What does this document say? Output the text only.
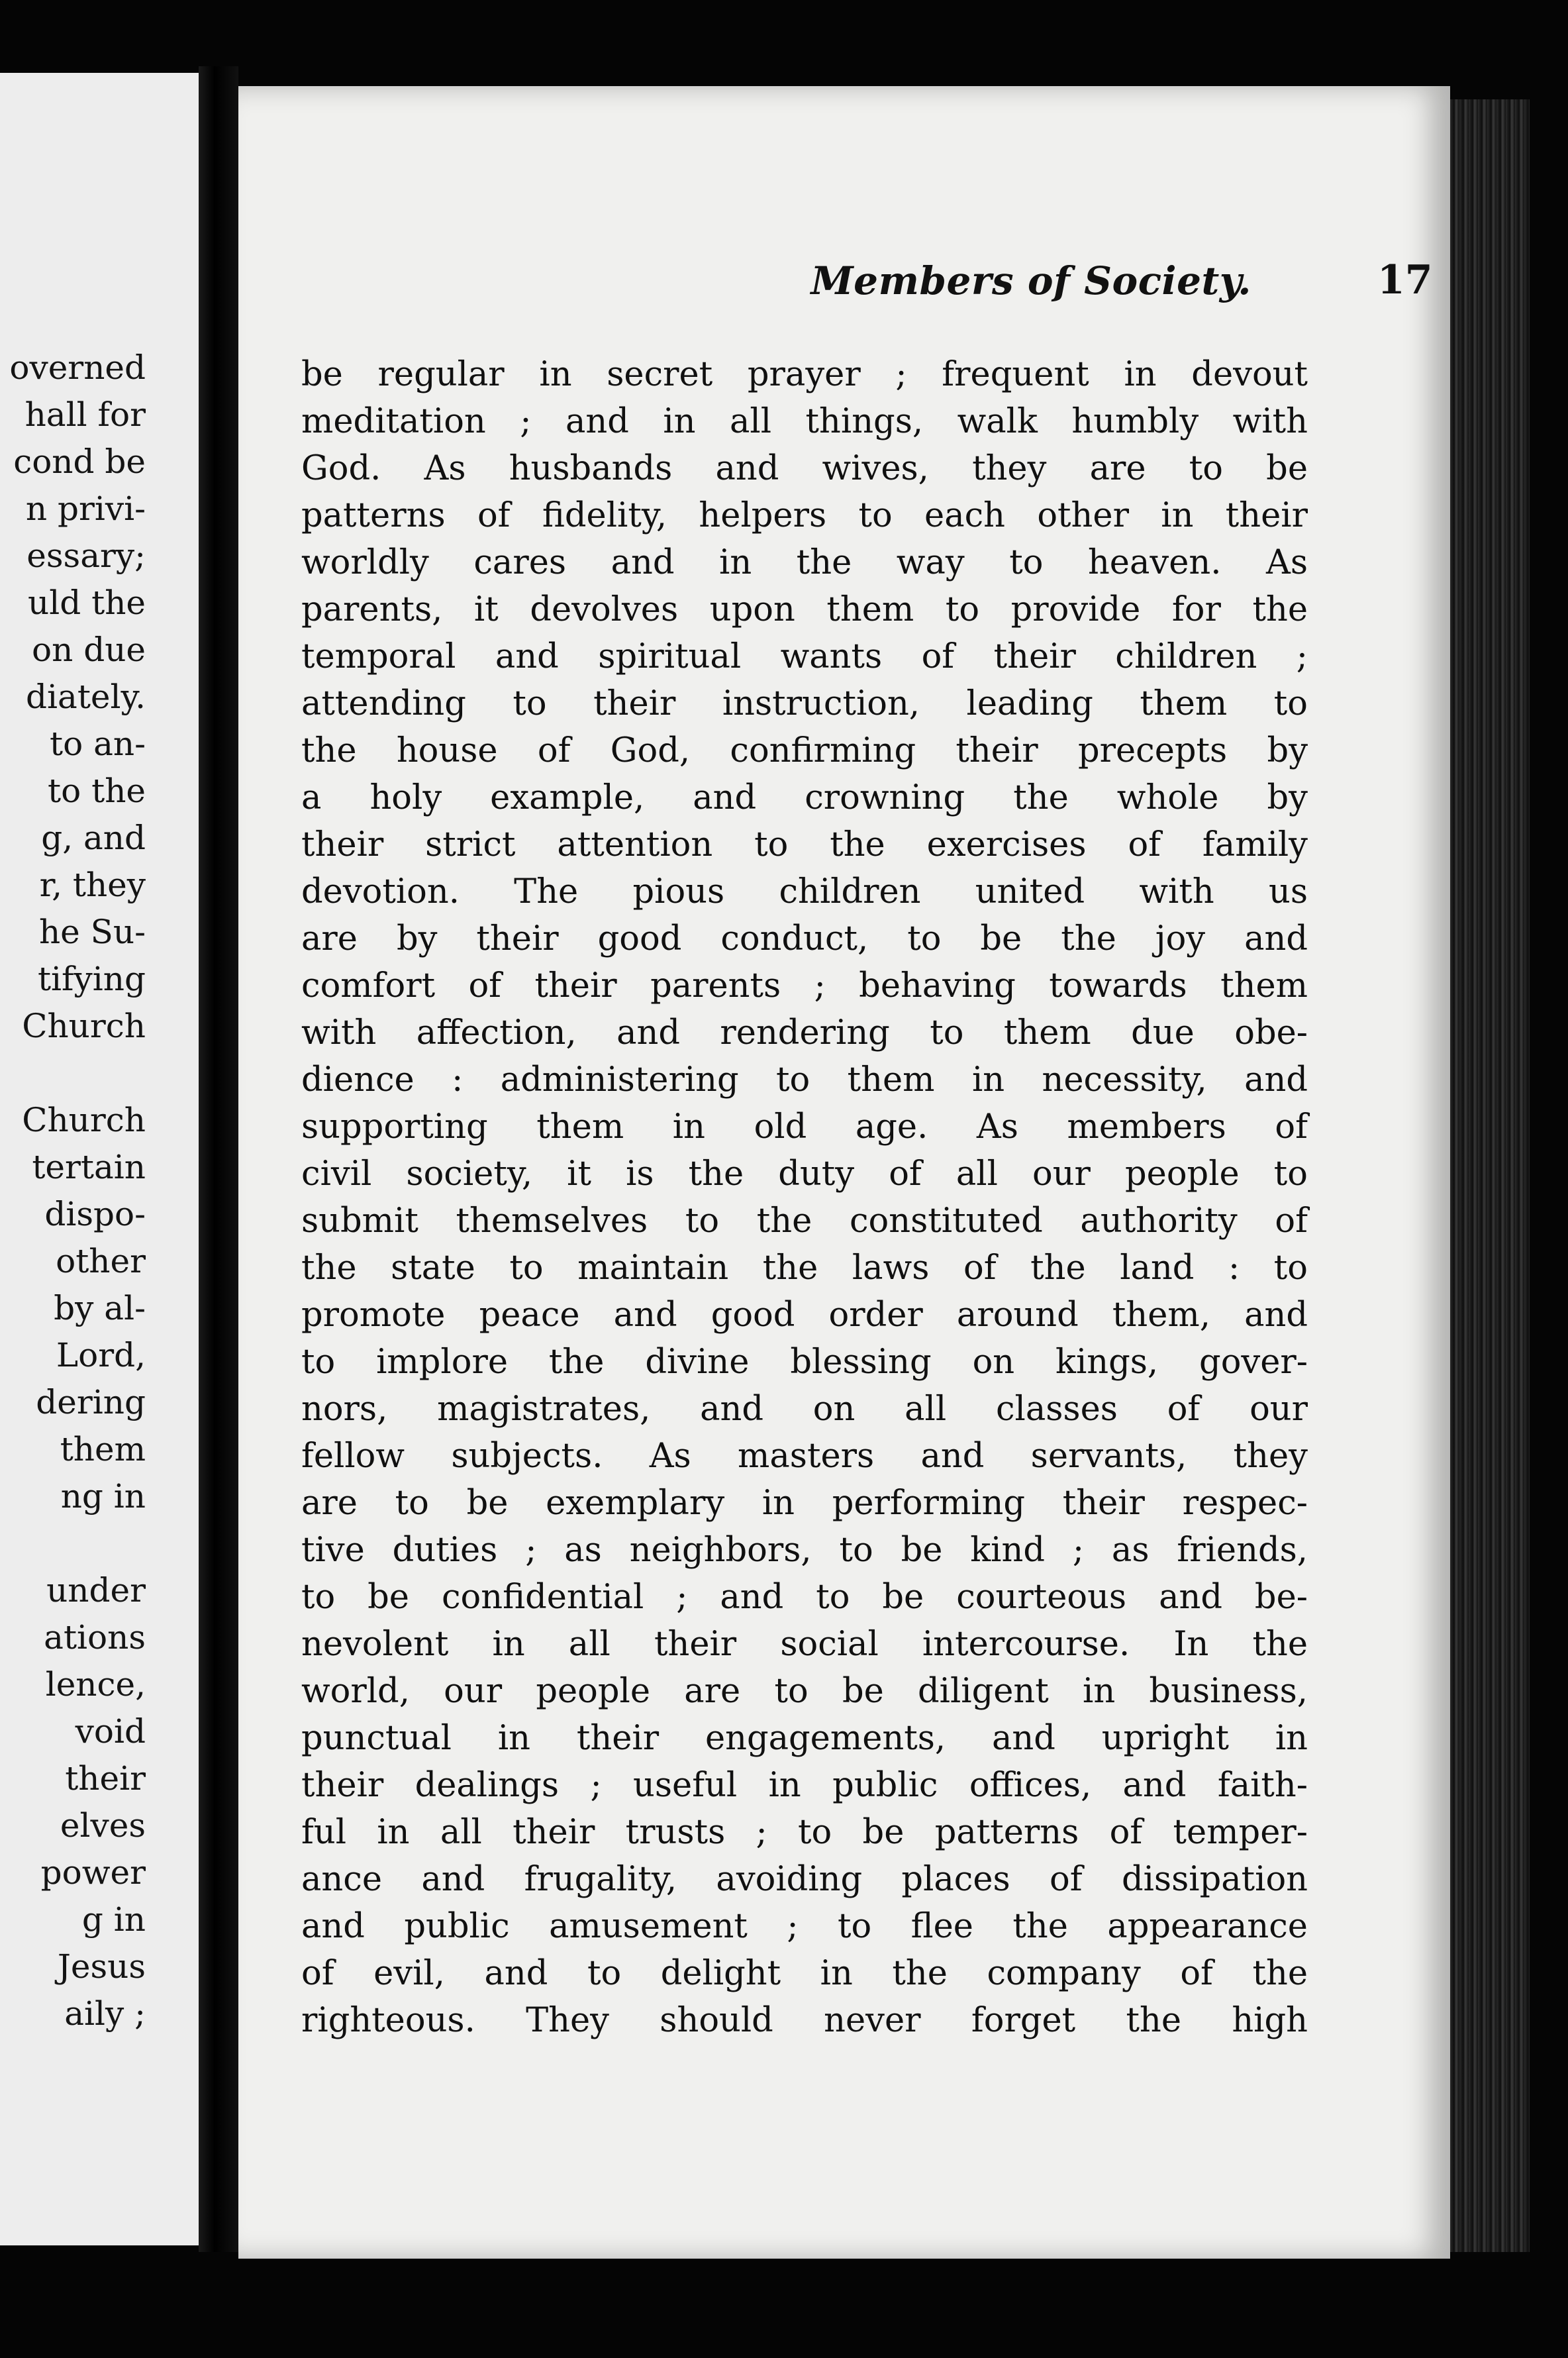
overned
hall for
cond be
n privi-
essary;
uld the
on due
diately.
to an-
to the
g, and
r, they
he Su-
tifying
Church
Church
tertain
dispo-
other
by al-
Lord,
dering
them
ng in
under
ations
lence,
void
their
elves
power
g in
Jesus
aily ;
Members of Society.	17
be regular in secret prayer ; frequent in devout
meditation ; and in all things, walk humbly with
God. As husbands and wives, they are to be
patterns of fidelity, helpers to each other in their
worldly cares and in the way to heaven. As
parents, it devolves upon them to provide for the
temporal and spiritual wants of their children ;
attending to their instruction, leading them to
the house of God, confirming their precepts by
a holy example, and crowning the whole by
their strict attention to the exercises of family
devotion. The pious children united with us
are by their good conduct, to be the joy and
comfort of their parents ; behaving towards them
with affection, and rendering to them due obe-
dience : administering to them in necessity, and
supporting them in old age. As members of
civil society, it is the duty of all our people to
submit themselves to the constituted authority of
the state to maintain the laws of the land : to
promote peace and good order around them, and
to implore the divine blessing on kings, gover-
nors, magistrates, and on all classes of our
fellow subjects. As masters and servants, they
are to be exemplary in performing their respec-
tive duties ; as neighbors, to be kind ; as friends,
to be confidential ; and to be courteous and be-
nevolent in all their social intercourse. In the
world, our people are to be diligent in business,
punctual in their engagements, and upright in
their dealings ; useful in public offices, and faith-
ful in all their trusts ; to be patterns of temper-
ance and frugality, avoiding places of dissipation
and public amusement ; to flee the appearance
of evil, and to delight in the company of the
righteous. They should never forget the high
